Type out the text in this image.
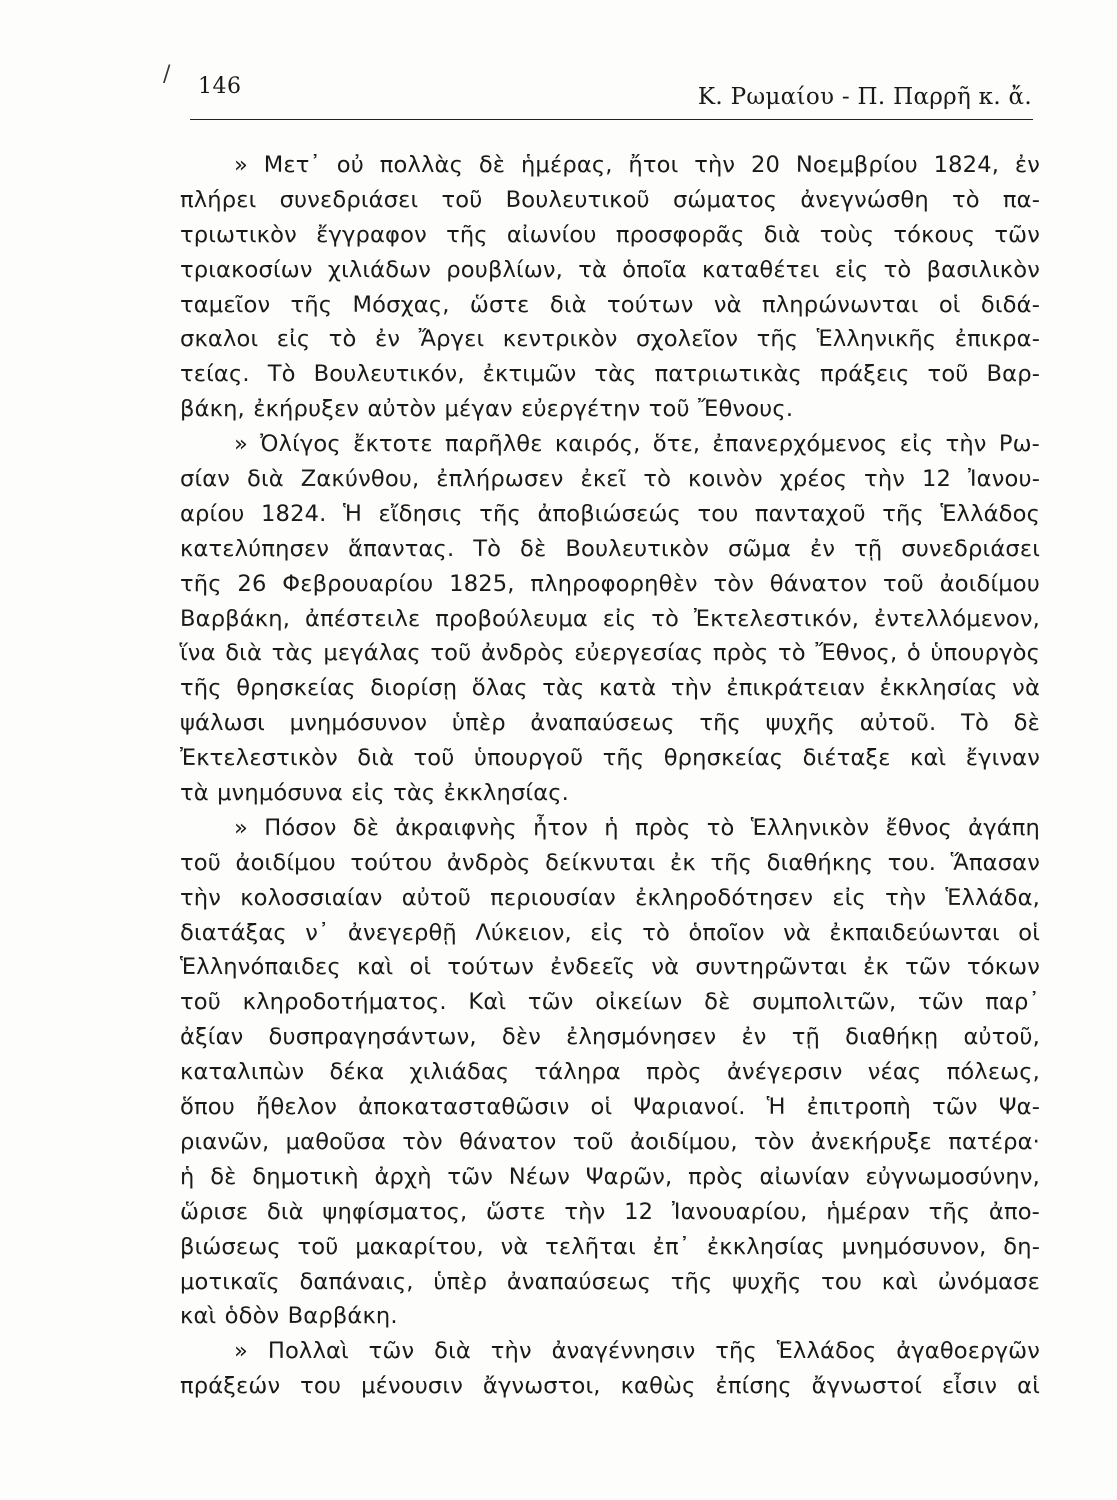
/ 146	Κ. Ρωμαίου - Π. Παρρῆ κ. ἄ.
» Μετ᾽ οὐ πολλὰς δὲ ἡμέρας, ἤτοι τὴν 20 Νοεμβρίου 1824, ἐν
πλήρει συνεδριάσει τοῦ Βουλευτικοῦ σώματος ἀνεγνώσθη τὸ πα-
τριωτικὸν ἔγγραφον τῆς αἰωνίου προσφορᾶς διὰ τοὺς τόκους τῶν
τριακοσίων χιλιάδων ρουβλίων, τὰ ὁποῖα καταθέτει εἰς τὸ βασιλικὸν
ταμεῖον τῆς Μόσχας, ὥστε διὰ τούτων νὰ πληρώνωνται οἱ διδά-
σκαλοι εἰς τὸ ἐν Ἄργει κεντρικὸν σχολεῖον τῆς Ἑλληνικῆς ἐπικρα-
τείας. Τὸ Βουλευτικόν, ἐκτιμῶν τὰς πατριωτικὰς πράξεις τοῦ Βαρ-
βάκη, ἐκήρυξεν αὐτὸν μέγαν εὐεργέτην τοῦ Ἔθνους.
» Ὀλίγος ἔκτοτε παρῆλθε καιρός, ὅτε, ἐπανερχόμενος εἰς τὴν Ρω-
σίαν διὰ Ζακύνθου, ἐπλήρωσεν ἐκεῖ τὸ κοινὸν χρέος τὴν 12 Ἰανου-
αρίου 1824. Ἡ εἴδησις τῆς ἀποβιώσεώς του πανταχοῦ τῆς Ἑλλάδος
κατελύπησεν ἅπαντας. Τὸ δὲ Βουλευτικὸν σῶμα ἐν τῇ συνεδριάσει
τῆς 26 Φεβρουαρίου 1825, πληροφορηθὲν τὸν θάνατον τοῦ ἀοιδίμου
Βαρβάκη, ἀπέστειλε προβούλευμα εἰς τὸ Ἐκτελεστικόν, ἐντελλόμενον,
ἵνα διὰ τὰς μεγάλας τοῦ ἀνδρὸς εὐεργεσίας πρὸς τὸ Ἔθνος, ὁ ὑπουργὸς
τῆς θρησκείας διορίσῃ ὅλας τὰς κατὰ τὴν ἐπικράτειαν ἐκκλησίας νὰ
ψάλωσι μνημόσυνον ὑπὲρ ἀναπαύσεως τῆς ψυχῆς αὐτοῦ. Τὸ δὲ
Ἐκτελεστικὸν διὰ τοῦ ὑπουργοῦ τῆς θρησκείας διέταξε καὶ ἔγιναν
τὰ μνημόσυνα εἰς τὰς ἐκκλησίας.
» Πόσον δὲ ἀκραιφνὴς ἦτον ἡ πρὸς τὸ Ἑλληνικὸν ἔθνος ἀγάπη
τοῦ ἀοιδίμου τούτου ἀνδρὸς δείκνυται ἐκ τῆς διαθήκης του. Ἅπασαν
τὴν κολοσσιαίαν αὐτοῦ περιουσίαν ἐκληροδότησεν εἰς τὴν Ἑλλάδα,
διατάξας ν᾽ ἀνεγερθῇ Λύκειον, εἰς τὸ ὁποῖον νὰ ἐκπαιδεύωνται οἱ
Ἑλληνόπαιδες καὶ οἱ τούτων ἐνδεεῖς νὰ συντηρῶνται ἐκ τῶν τόκων
τοῦ κληροδοτήματος. Καὶ τῶν οἰκείων δὲ συμπολιτῶν, τῶν παρ᾽
ἀξίαν δυσπραγησάντων, δὲν ἐλησμόνησεν ἐν τῇ διαθήκῃ αὐτοῦ,
καταλιπὼν δέκα χιλιάδας τάληρα πρὸς ἀνέγερσιν νέας πόλεως,
ὅπου ἤθελον ἀποκατασταθῶσιν οἱ Ψαριανοί. Ἡ ἐπιτροπὴ τῶν Ψα-
ριανῶν, μαθοῦσα τὸν θάνατον τοῦ ἀοιδίμου, τὸν ἀνεκήρυξε πατέρα·
ἡ δὲ δημοτικὴ ἀρχὴ τῶν Νέων Ψαρῶν, πρὸς αἰωνίαν εὐγνωμοσύνην,
ὥρισε διὰ ψηφίσματος, ὥστε τὴν 12 Ἰανουαρίου, ἡμέραν τῆς ἀπο-
βιώσεως τοῦ μακαρίτου, νὰ τελῆται ἐπ᾽ ἐκκλησίας μνημόσυνον, δη-
μοτικαῖς δαπάναις, ὑπὲρ ἀναπαύσεως τῆς ψυχῆς του καὶ ὠνόμασε
καὶ ὁδὸν Βαρβάκη.
» Πολλαὶ τῶν διὰ τὴν ἀναγέννησιν τῆς Ἑλλάδος ἀγαθοεργῶν
πράξεών του μένουσιν ἄγνωστοι, καθὼς ἐπίσης ἄγνωστοί εἶσιν αἱ
